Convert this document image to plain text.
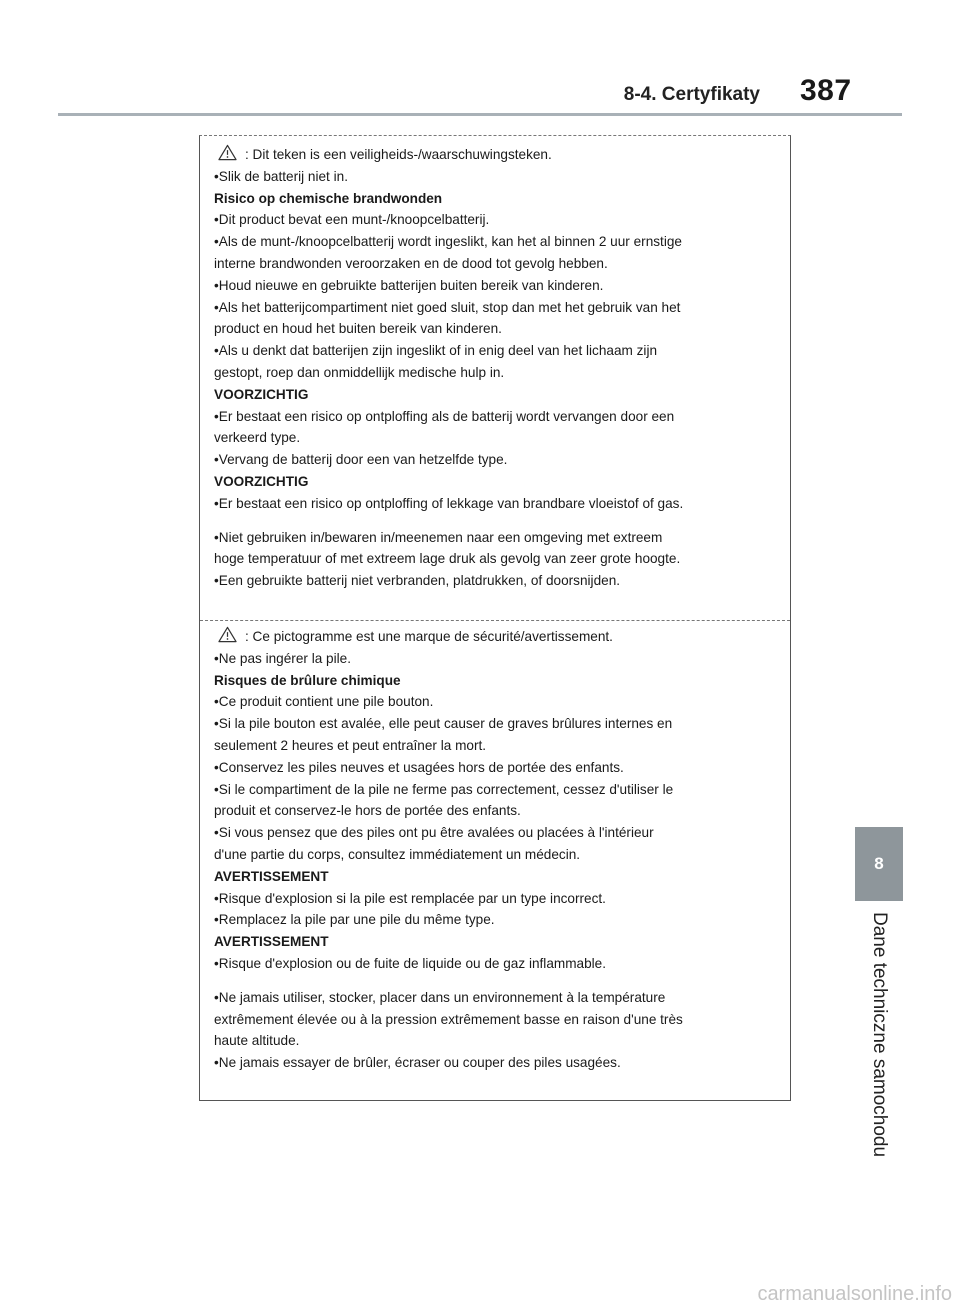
8-4. Certyfikaty 387
: Dit teken is een veiligheids-/waarschuwingsteken.
•Slik de batterij niet in.
Risico op chemische brandwonden
•Dit product bevat een munt-/knoopcelbatterij.
•Als de munt-/knoopcelbatterij wordt ingeslikt, kan het al binnen 2 uur ernstige
interne brandwonden veroorzaken en de dood tot gevolg hebben.
•Houd nieuwe en gebruikte batterijen buiten bereik van kinderen.
•Als het batterijcompartiment niet goed sluit, stop dan met het gebruik van het
product en houd het buiten bereik van kinderen.
•Als u denkt dat batterijen zijn ingeslikt of in enig deel van het lichaam zijn
gestopt, roep dan onmiddellijk medische hulp in.
VOORZICHTIG
•Er bestaat een risico op ontploffing als de batterij wordt vervangen door een
verkeerd type.
•Vervang de batterij door een van hetzelfde type.
VOORZICHTIG
•Er bestaat een risico op ontploffing of lekkage van brandbare vloeistof of gas.
•Niet gebruiken in/bewaren in/meenemen naar een omgeving met extreem
hoge temperatuur of met extreem lage druk als gevolg van zeer grote hoogte.
•Een gebruikte batterij niet verbranden, platdrukken, of doorsnijden.
: Ce pictogramme est une marque de sécurité/avertissement.
•Ne pas ingérer la pile.
Risques de brûlure chimique
•Ce produit contient une pile bouton.
•Si la pile bouton est avalée, elle peut causer de graves brûlures internes en
seulement 2 heures et peut entraîner la mort.
•Conservez les piles neuves et usagées hors de portée des enfants.
•Si le compartiment de la pile ne ferme pas correctement, cessez d'utiliser le
produit et conservez-le hors de portée des enfants.
•Si vous pensez que des piles ont pu être avalées ou placées à l'intérieur
d'une partie du corps, consultez immédiatement un médecin.
AVERTISSEMENT
•Risque d'explosion si la pile est remplacée par un type incorrect.
•Remplacez la pile par une pile du même type.
AVERTISSEMENT
•Risque d'explosion ou de fuite de liquide ou de gaz inflammable.
•Ne jamais utiliser, stocker, placer dans un environnement à la température
extrêmement élevée ou à la pression extrêmement basse en raison d'une très
haute altitude.
•Ne jamais essayer de brûler, écraser ou couper des piles usagées.
8
Dane techniczne samochodu
carmanualsonline.info
